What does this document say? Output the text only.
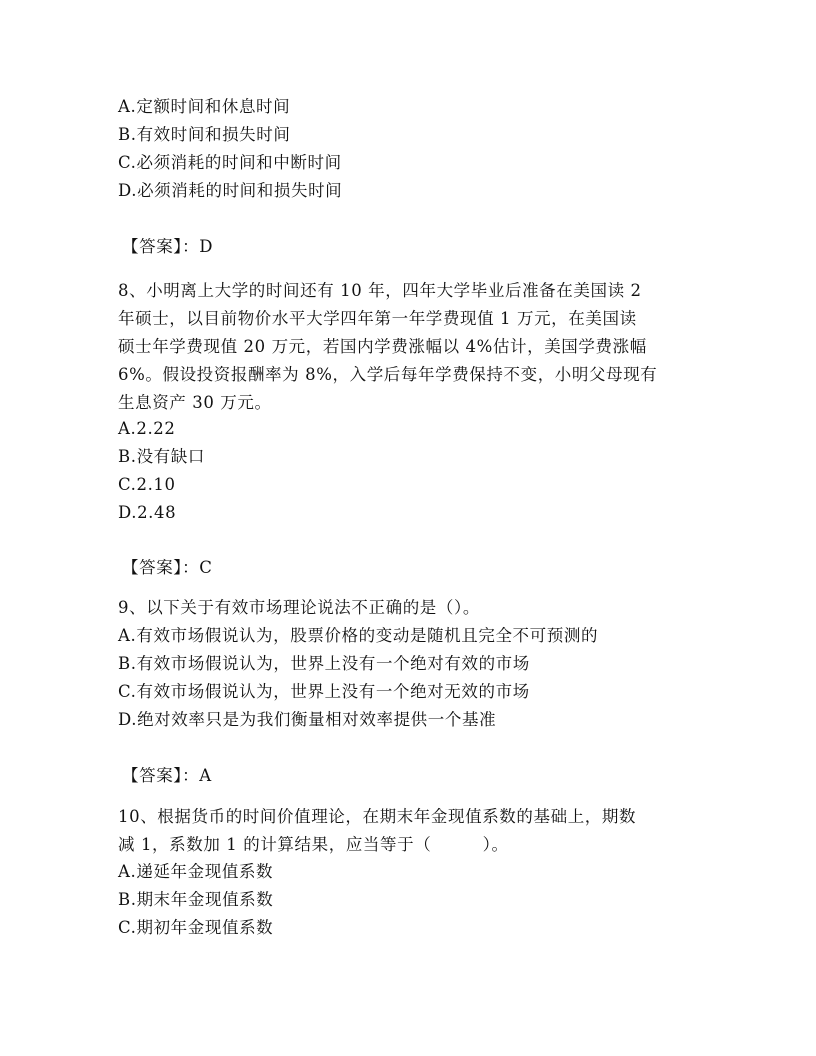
A.定额时间和休息时间
B.有效时间和损失时间
C.必须消耗的时间和中断时间
D.必须消耗的时间和损失时间
【答案】：D
8、小明离上大学的时间还有 10 年，四年大学毕业后准备在美国读 2
年硕士，以目前物价水平大学四年第一年学费现值 1 万元，在美国读
硕士年学费现值 20 万元，若国内学费涨幅以 4%估计，美国学费涨幅
6%。假设投资报酬率为 8%，入学后每年学费保持不变，小明父母现有
生息资产 30 万元。
A.2.22
B.没有缺口
C.2.10
D.2.48
【答案】：C
9、以下关于有效市场理论说法不正确的是（）。
A.有效市场假说认为，股票价格的变动是随机且完全不可预测的
B.有效市场假说认为，世界上没有一个绝对有效的市场
C.有效市场假说认为，世界上没有一个绝对无效的市场
D.绝对效率只是为我们衡量相对效率提供一个基准
【答案】：A
10、根据货币的时间价值理论，在期末年金现值系数的基础上，期数
减 1，系数加 1 的计算结果，应当等于（　　　）。
A.递延年金现值系数
B.期末年金现值系数
C.期初年金现值系数
